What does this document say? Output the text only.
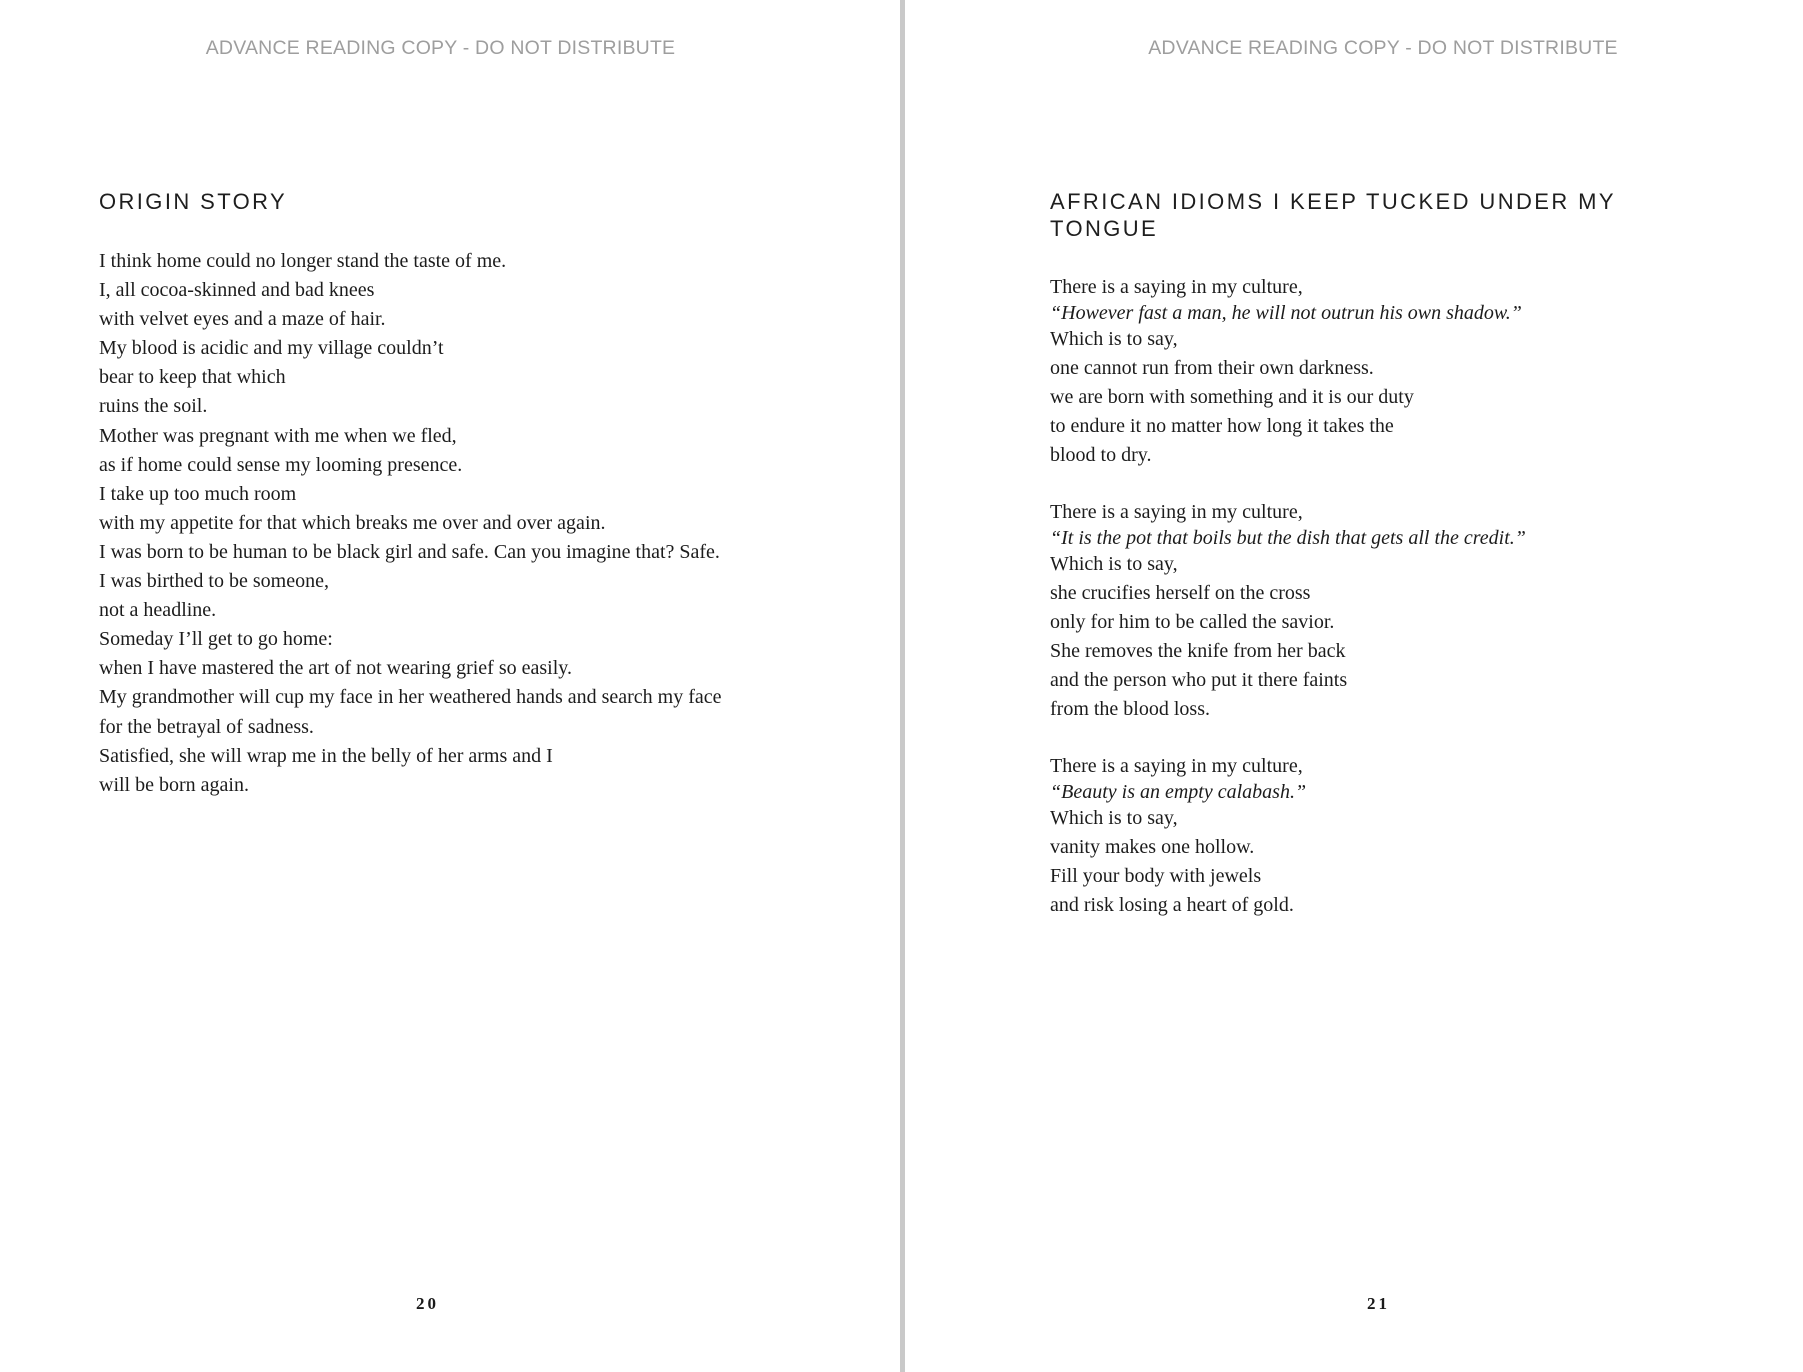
ADVANCE READING COPY - DO NOT DISTRIBUTE
ORIGIN STORY
I think home could no longer stand the taste of me.
I, all cocoa-skinned and bad knees
with velvet eyes and a maze of hair.
My blood is acidic and my village couldn’t
bear to keep that which
ruins the soil.
Mother was pregnant with me when we fled,
as if home could sense my looming presence.
I take up too much room
with my appetite for that which breaks me over and over again.
I was born to be human to be black girl and safe. Can you imagine that? Safe.
I was birthed to be someone,
not a headline.
Someday I’ll get to go home:
when I have mastered the art of not wearing grief so easily.
My grandmother will cup my face in her weathered hands and search my face
for the betrayal of sadness.
Satisfied, she will wrap me in the belly of her arms and I
will be born again.
20
ADVANCE READING COPY - DO NOT DISTRIBUTE
AFRICAN IDIOMS I KEEP TUCKED UNDER MY TONGUE
There is a saying in my culture,
“However fast a man, he will not outrun his own shadow.”
Which is to say,
one cannot run from their own darkness.
we are born with something and it is our duty
to endure it no matter how long it takes the
blood to dry.
There is a saying in my culture,
“It is the pot that boils but the dish that gets all the credit.”
Which is to say,
she crucifies herself on the cross
only for him to be called the savior.
She removes the knife from her back
and the person who put it there faints
from the blood loss.
There is a saying in my culture,
“Beauty is an empty calabash.”
Which is to say,
vanity makes one hollow.
Fill your body with jewels
and risk losing a heart of gold.
21
